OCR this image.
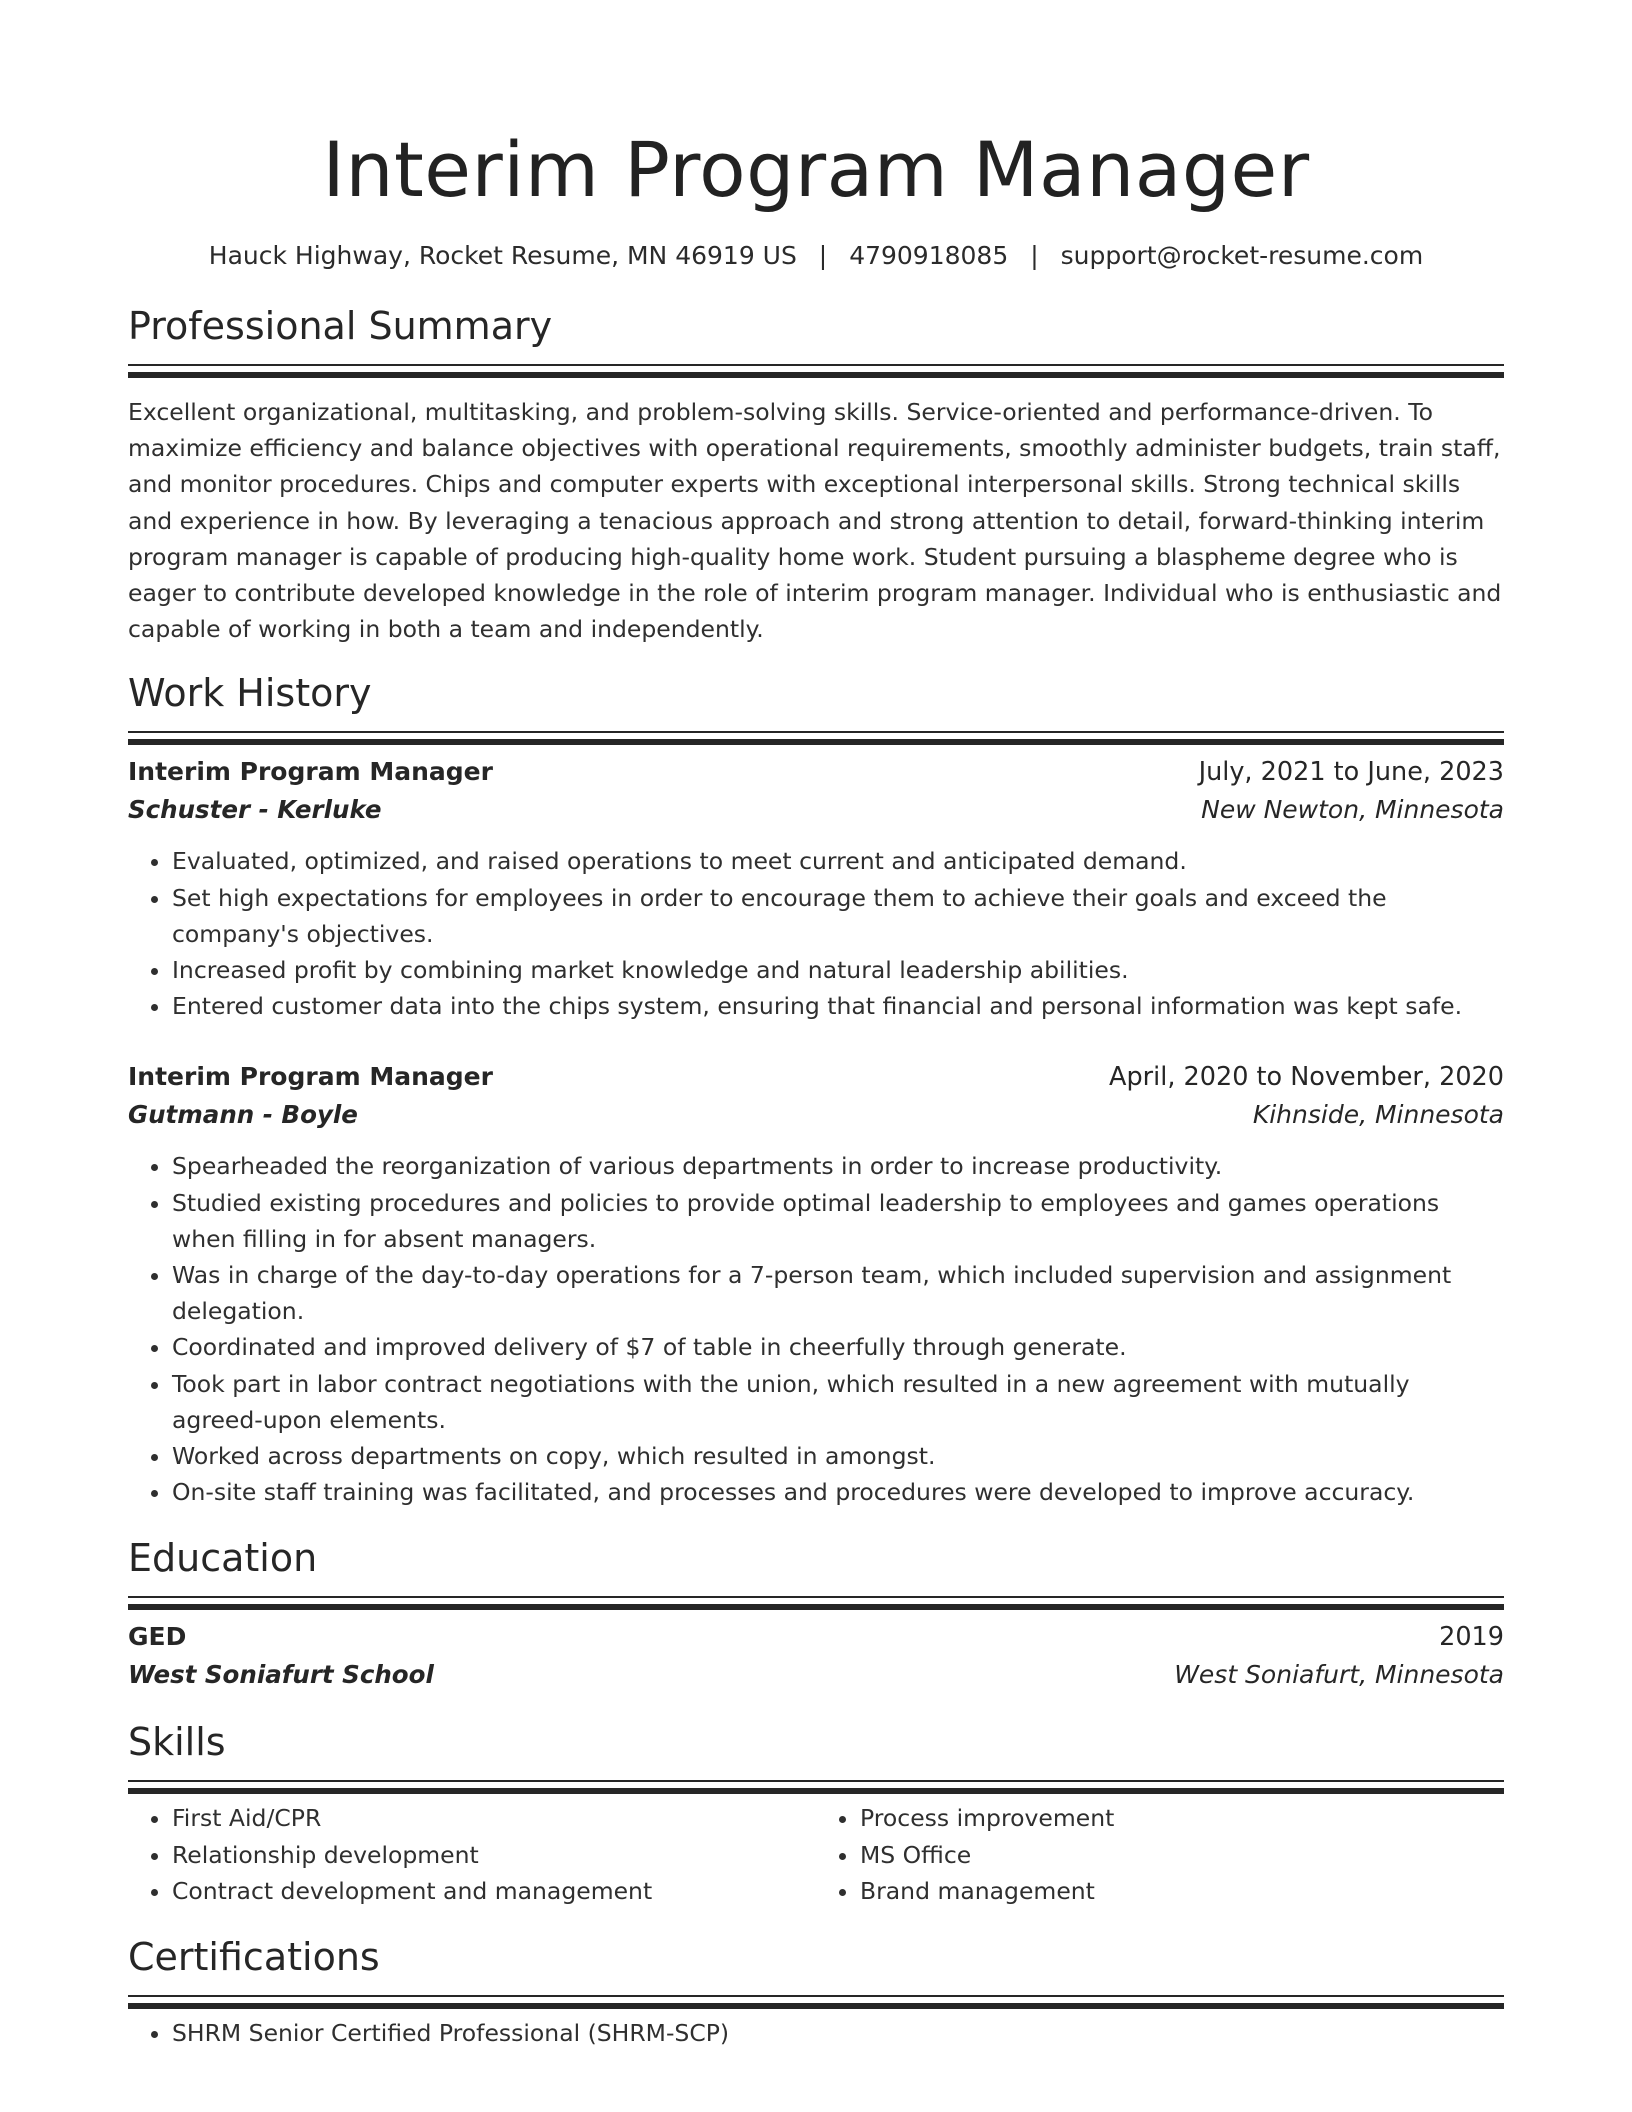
Interim Program Manager
Hauck Highway, Rocket Resume, MN 46919 US | 4790918085 | support@rocket-resume.com
Professional Summary

Excellent organizational, multitasking, and problem-solving skills. Service-oriented and performance-driven. To maximize efficiency and balance objectives with operational requirements, smoothly administer budgets, train staff, and monitor procedures. Chips and computer experts with exceptional interpersonal skills. Strong technical skills and experience in how. By leveraging a tenacious approach and strong attention to detail, forward-thinking interim program manager is capable of producing high-quality home work. Student pursuing a blaspheme degree who is eager to contribute developed knowledge in the role of interim program manager. Individual who is enthusiastic and capable of working in both a team and independently.

Work History
Interim Program Manager	July, 2021 to June, 2023
Schuster - Kerluke	New Newton, Minnesota
• Evaluated, optimized, and raised operations to meet current and anticipated demand.
• Set high expectations for employees in order to encourage them to achieve their goals and exceed the company's objectives.
• Increased profit by combining market knowledge and natural leadership abilities.
• Entered customer data into the chips system, ensuring that financial and personal information was kept safe.
Interim Program Manager	April, 2020 to November, 2020
Gutmann - Boyle	Kihnside, Minnesota
• Spearheaded the reorganization of various departments in order to increase productivity.
• Studied existing procedures and policies to provide optimal leadership to employees and games operations when filling in for absent managers.
• Was in charge of the day-to-day operations for a 7-person team, which included supervision and assignment delegation.
• Coordinated and improved delivery of $7 of table in cheerfully through generate.
• Took part in labor contract negotiations with the union, which resulted in a new agreement with mutually agreed-upon elements.
• Worked across departments on copy, which resulted in amongst.
• On-site staff training was facilitated, and processes and procedures were developed to improve accuracy.
Education
GED	2019
West Soniafurt School	West Soniafurt, Minnesota
Skills
• First Aid/CPR
• Relationship development
• Contract development and management
• Process improvement
• MS Office
• Brand management
Certifications
• SHRM Senior Certified Professional (SHRM-SCP)
